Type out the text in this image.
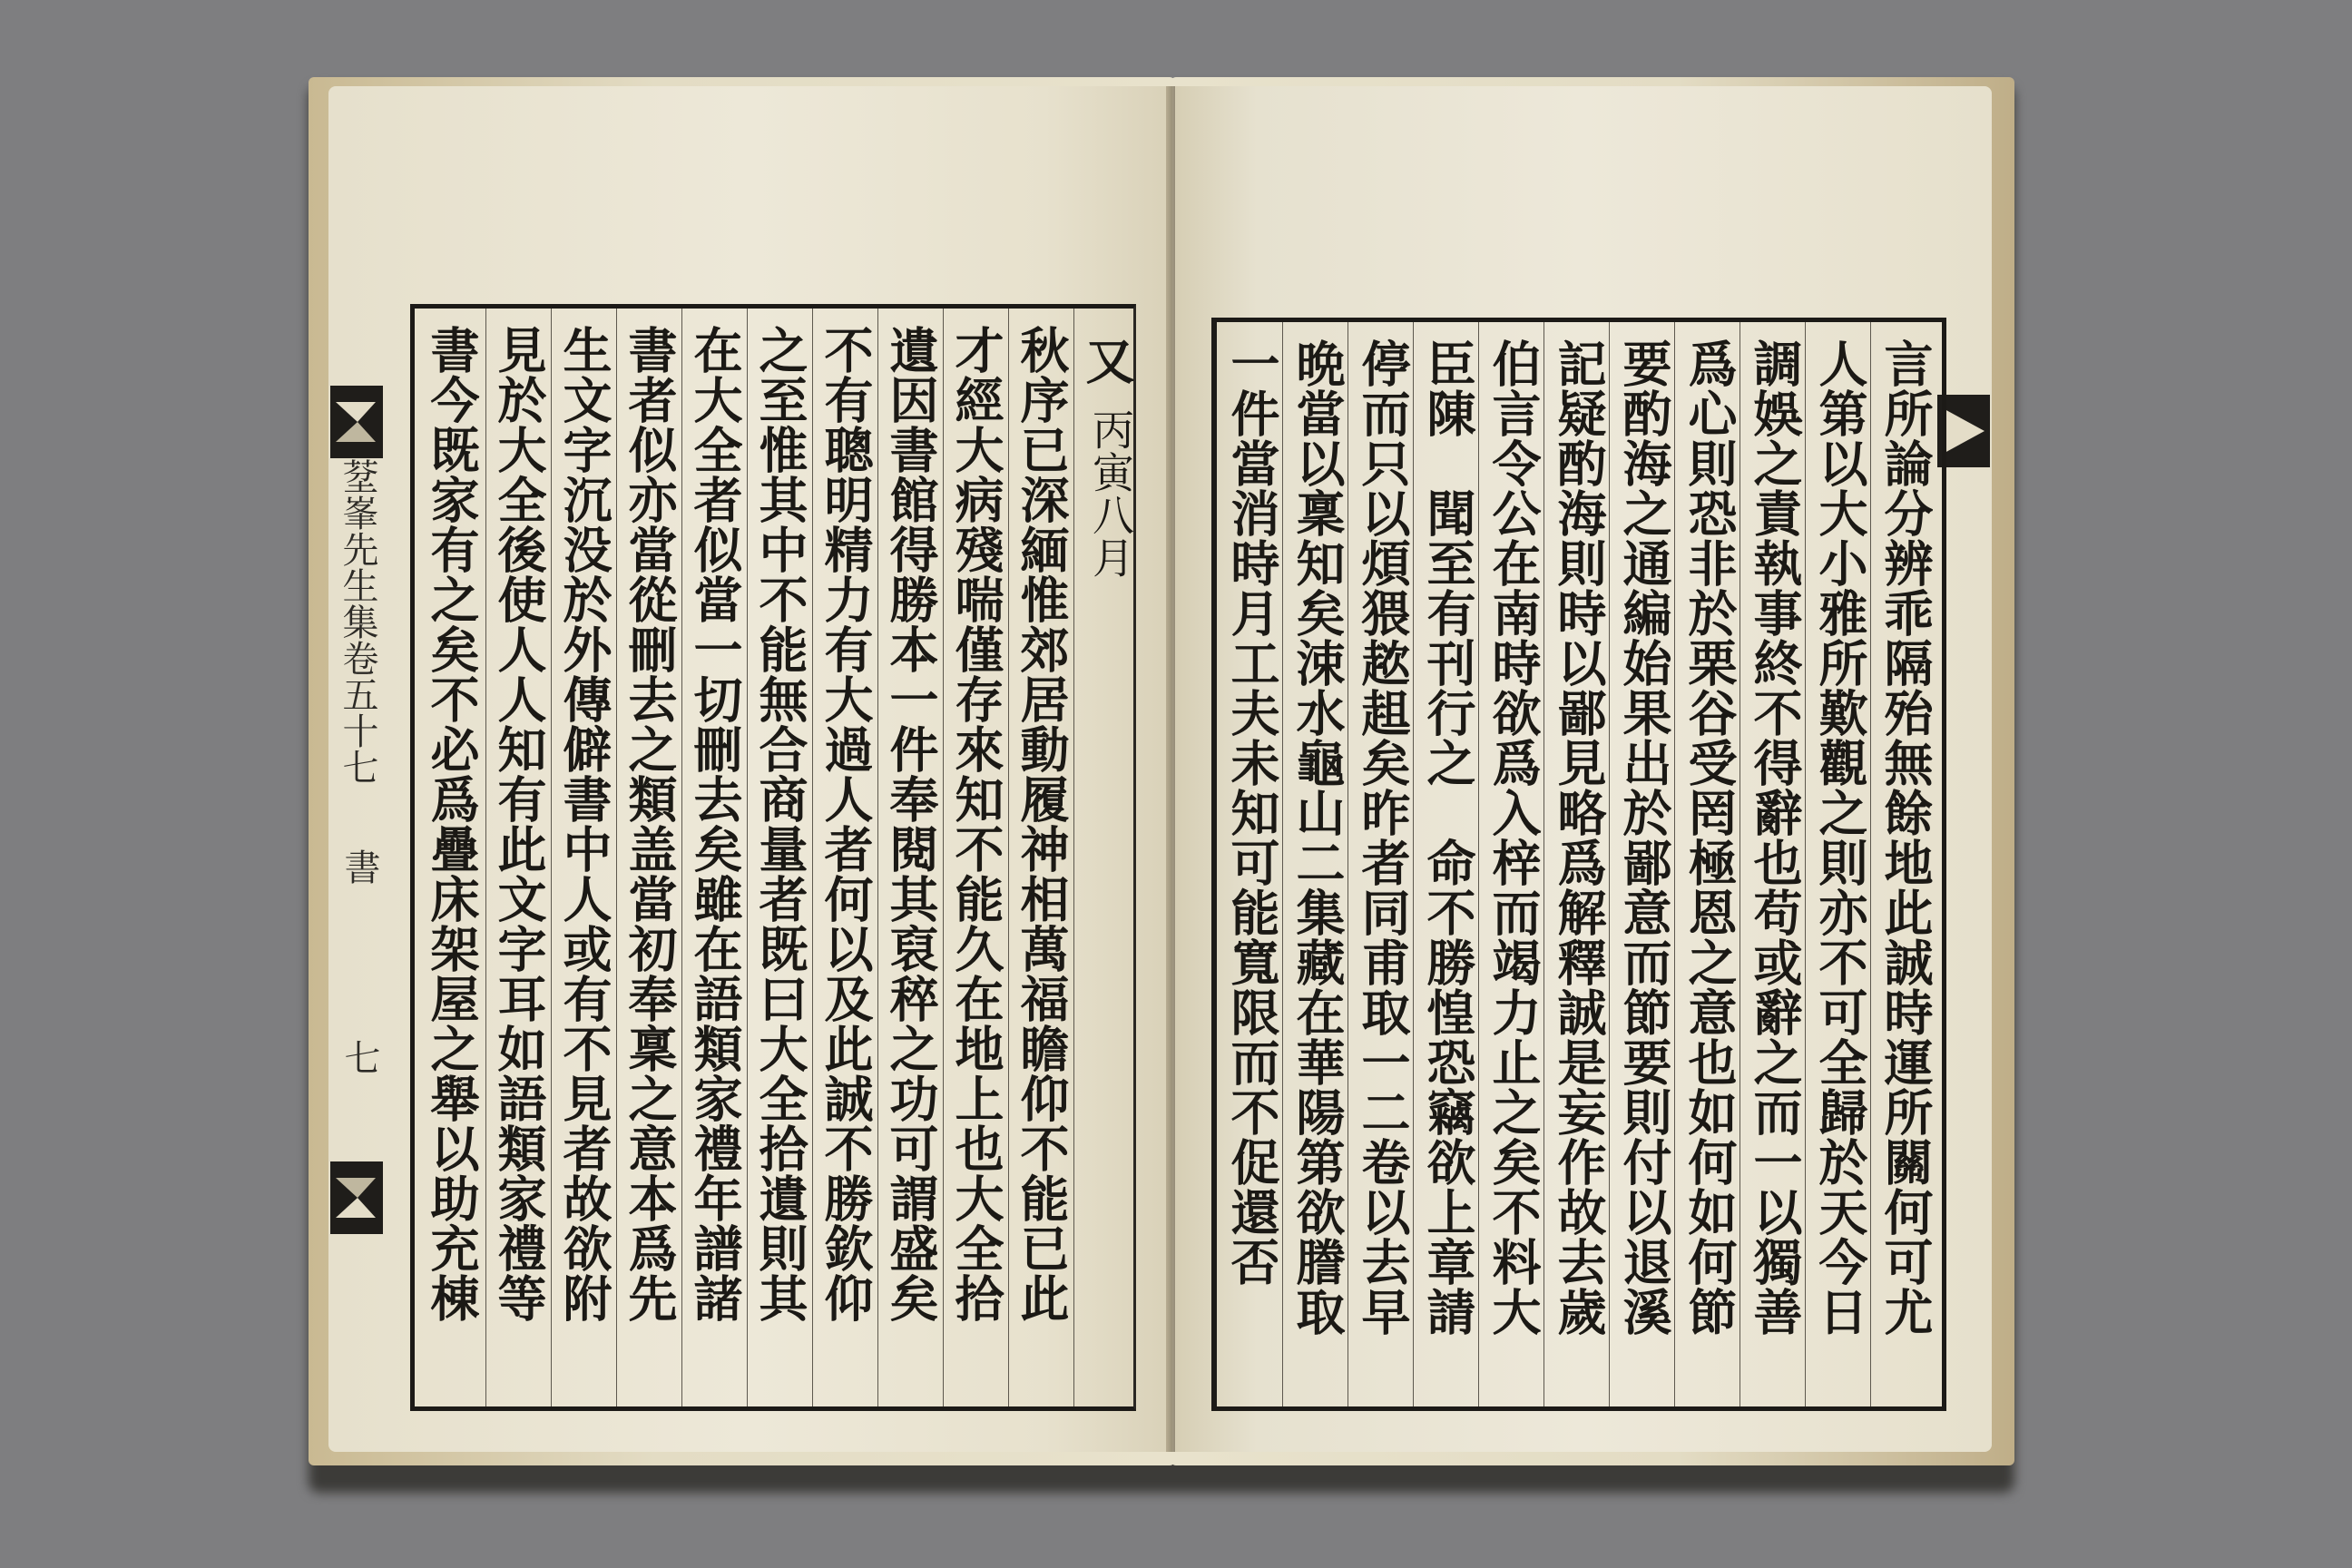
𦯀峯先生集卷五十七
書
七
又
丙寅八月
秋序已深緬惟郊居動履神相萬福瞻仰不能已此
才經大病殘喘僅存來知不能久在地上也大全拾
遺因書館得勝本一件奉閱其裒稡之功可謂盛矣
不有聰明精力有大過人者何以及此誠不勝欽仰
之至惟其中不能無合商量者既曰大全拾遺則其
在大全者似當一切刪去矣雖在語類家禮年譜諸
書者似亦當從刪去之類盖當初奉稟之意本爲先
生文字沉没於外傳僻書中人或有不見者故欲附
見於大全後使人人知有此文字耳如語類家禮等
書今既家有之矣不必爲疊床架屋之舉以助充棟	言所論分辨乖隔殆無餘地此誠時運所關何可尤
人第以大小雅所歎觀之則亦不可全歸於天今日
調娛之責執事終不得辭也苟或辭之而一以獨善
爲心則恐非於栗谷受罔極恩之意也如何如何節
要酌海之通編始果出於鄙意而節要則付以退溪
記疑酌海則時以鄙見略爲解釋誠是妄作故去歲
伯言令公在南時欲爲入梓而竭力止之矣不料大
臣陳　聞至有刊行之　命不勝惶恐竊欲上章請
停而只以煩猥趑趄矣昨者同甫取一二卷以去早
晩當以稟知矣涑水龜山二集藏在華陽第欲謄取
一件當消時月工夫未知可能寬限而不促還否
